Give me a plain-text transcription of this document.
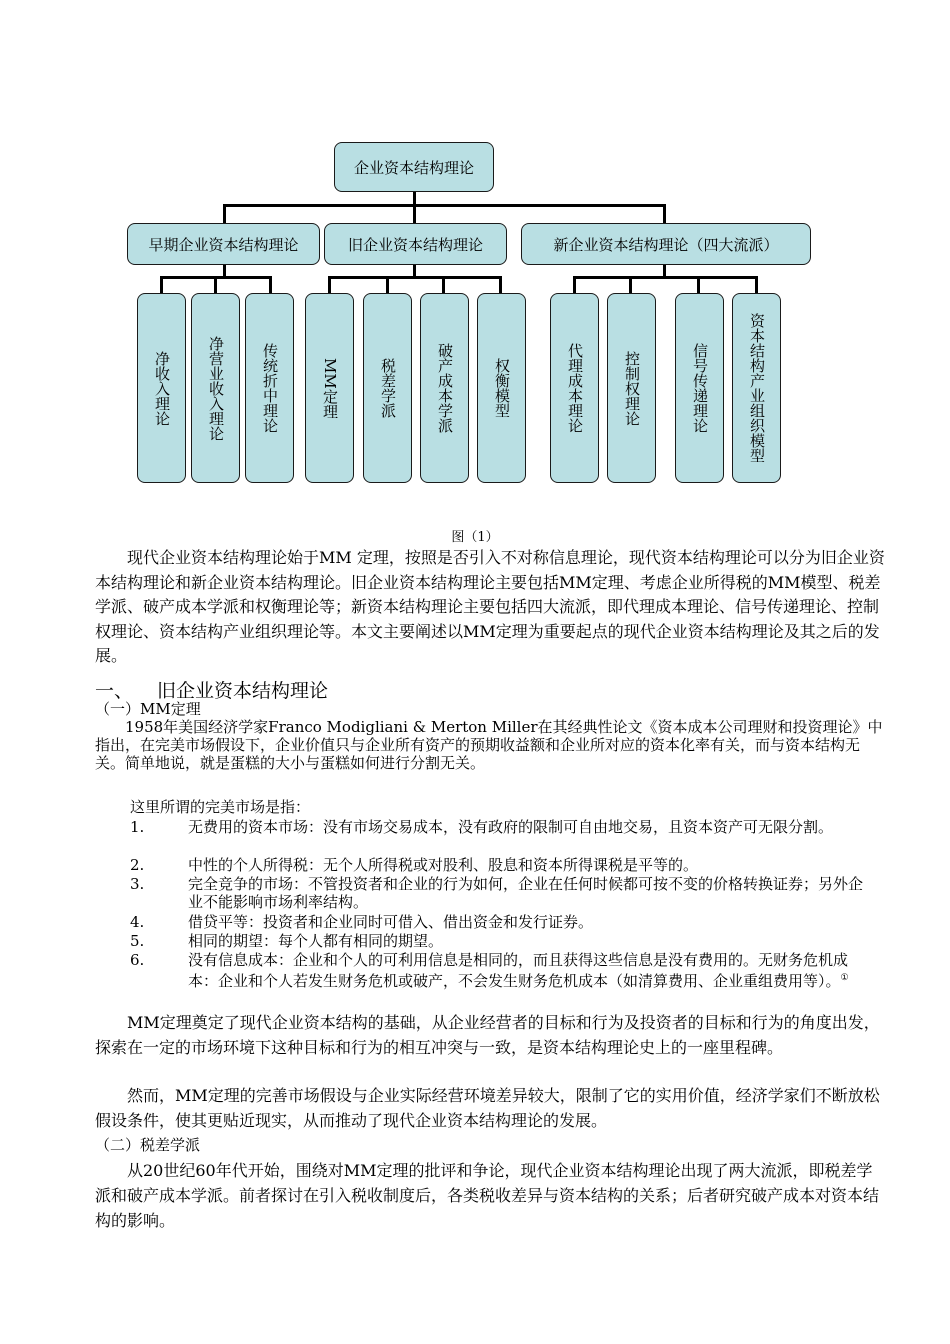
企业资本结构理论
早期企业资本结构理论	旧企业资本结构理论	新企业资本结构理论（四大流派）
净收入理论	净营业收入理论	传统折中理论	MM定理	税差学派	破产成本学派	权衡模型	代理成本理论	控制权理论	信号传递理论	资本结构产业组织模型
图（1）

现代企业资本结构理论始于MM 定理，按照是否引入不对称信息理论，现代资本结构理论可以分为旧企业资本结构理论和新企业资本结构理论。旧企业资本结构理论主要包括MM定理、考虑企业所得税的MM模型、税差学派、破产成本学派和权衡理论等；新资本结构理论主要包括四大流派，即代理成本理论、信号传递理论、控制权理论、资本结构产业组织理论等。本文主要阐述以MM定理为重要起点的现代企业资本结构理论及其之后的发展。

一、 旧企业资本结构理论
（一）MM定理

1958年美国经济学家Franco Modigliani & Merton Miller在其经典性论文《资本成本公司理财和投资理论》中指出，在完美市场假设下，企业价值只与企业所有资产的预期收益额和企业所对应的资本化率有关，而与资本结构无关。简单地说，就是蛋糕的大小与蛋糕如何进行分割无关。

这里所谓的完美市场是指：
1.	无费用的资本市场：没有市场交易成本，没有政府的限制可自由地交易，且资本资产可无限分割。
2.	中性的个人所得税：无个人所得税或对股利、股息和资本所得课税是平等的。
3.	完全竞争的市场：不管投资者和企业的行为如何，企业在任何时候都可按不变的价格转换证券；另外企业不能影响市场利率结构。
4.	借贷平等：投资者和企业同时可借入、借出资金和发行证券。
5.	相同的期望：每个人都有相同的期望。
6.	没有信息成本：企业和个人的可利用信息是相同的，而且获得这些信息是没有费用的。无财务危机成本：企业和个人若发生财务危机或破产，不会发生财务危机成本（如清算费用、企业重组费用等）。①

MM定理奠定了现代企业资本结构的基础，从企业经营者的目标和行为及投资者的目标和行为的角度出发，探索在一定的市场环境下这种目标和行为的相互冲突与一致，是资本结构理论史上的一座里程碑。

然而，MM定理的完善市场假设与企业实际经营环境差异较大，限制了它的实用价值，经济学家们不断放松假设条件，使其更贴近现实，从而推动了现代企业资本结构理论的发展。

（二）税差学派

从20世纪60年代开始，围绕对MM定理的批评和争论，现代企业资本结构理论出现了两大流派，即税差学派和破产成本学派。前者探讨在引入税收制度后，各类税收差异与资本结构的关系；后者研究破产成本对资本结构的影响。
